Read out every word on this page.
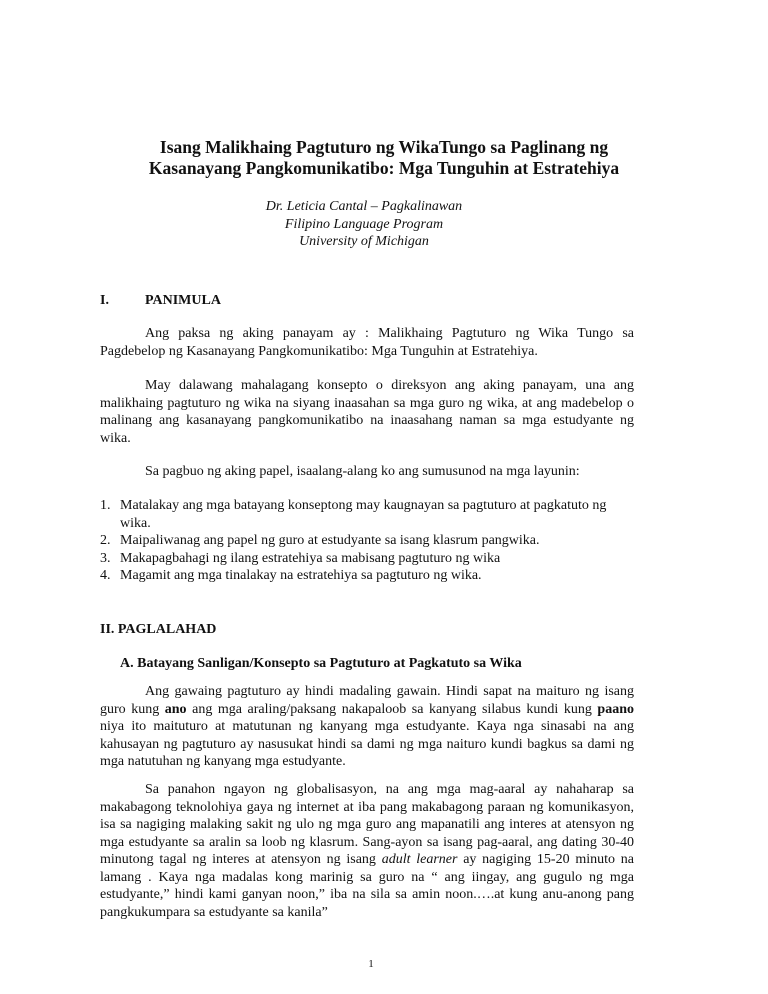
Isang Malikhaing Pagtuturo ng WikaTungo sa Paglinang ng
Kasanayang Pangkomunikatibo: Mga Tunguhin at Estratehiya
Dr. Leticia Cantal – Pagkalinawan
Filipino Language Program
University of Michigan
I.	PANIMULA

Ang paksa ng aking panayam ay : Malikhaing Pagtuturo ng Wika Tungo sa Pagdebelop ng Kasanayang Pangkomunikatibo: Mga Tunguhin at Estratehiya.

May dalawang mahalagang konsepto o direksyon ang aking panayam, una ang malikhaing pagtuturo ng wika na siyang inaasahan sa mga guro ng wika, at ang madebelop o malinang ang kasanayang pangkomunikatibo na inaasahang naman sa mga estudyante ng wika.

Sa pagbuo ng aking papel, isaalang-alang ko ang sumusunod na mga layunin:

1. Matalakay ang mga batayang konseptong may kaugnayan sa pagtuturo at pagkatuto ng wika.
2. Maipaliwanag ang papel ng guro at estudyante sa isang klasrum pangwika.
3. Makapagbahagi ng ilang estratehiya sa mabisang pagtuturo ng wika
4. Magamit ang mga tinalakay na estratehiya sa pagtuturo ng wika.
II. PAGLALAHAD
A. Batayang Sanligan/Konsepto sa Pagtuturo at Pagkatuto sa Wika

Ang gawaing pagtuturo ay hindi madaling gawain. Hindi sapat na maituro ng isang guro kung ano ang mga araling/paksang nakapaloob sa kanyang silabus kundi kung paano niya ito maituturo at matutunan ng kanyang mga estudyante. Kaya nga sinasabi na ang kahusayan ng pagtuturo ay nasusukat hindi sa dami ng mga naituro kundi bagkus sa dami ng mga natutuhan ng kanyang mga estudyante.

Sa panahon ngayon ng globalisasyon, na ang mga mag-aaral ay nahaharap sa makabagong teknolohiya gaya ng internet at iba pang makabagong paraan ng komunikasyon, isa sa nagiging malaking sakit ng ulo ng mga guro ang mapanatili ang interes at atensyon ng mga estudyante sa aralin sa loob ng klasrum. Sang-ayon sa isang pag-aaral, ang dating 30-40 minutong tagal ng interes at atensyon ng isang adult learner ay nagiging 15-20 minuto na lamang . Kaya nga madalas kong marinig sa guro na “ ang iingay, ang gugulo ng mga estudyante,” hindi kami ganyan noon,” iba na sila sa amin noon.….at kung anu-anong pang pangkukumpara sa estudyante sa kanila”

1
